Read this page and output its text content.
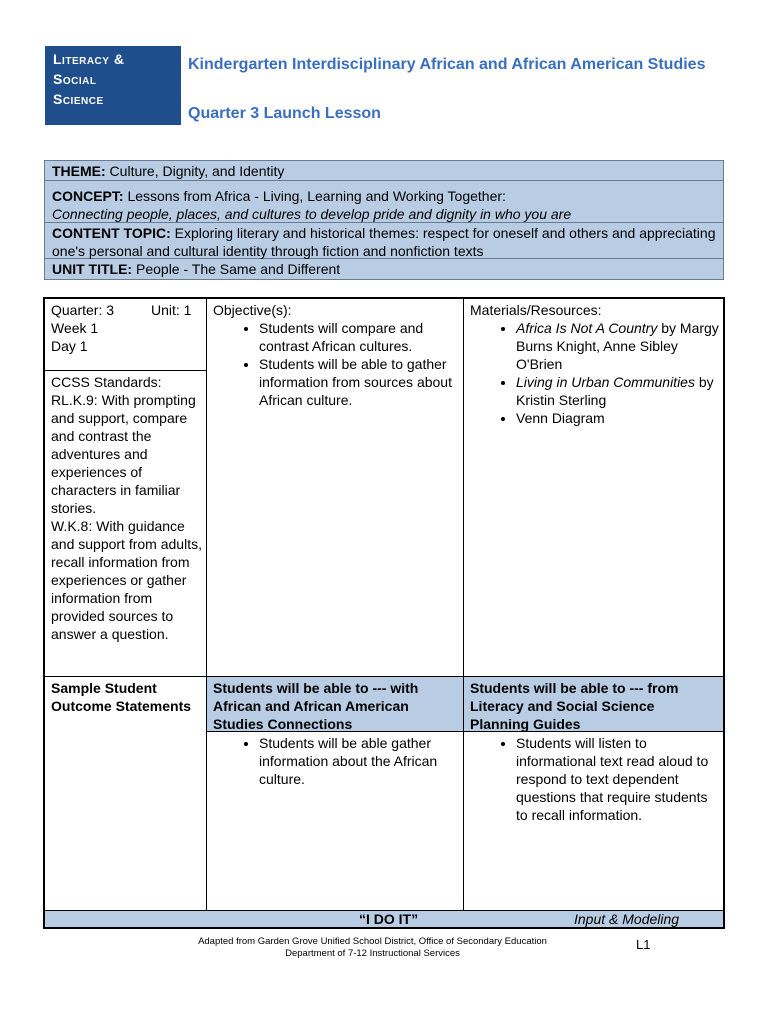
Literacy &
Social
Science
Kindergarten Interdisciplinary African and African American Studies
Quarter 3 Launch Lesson
THEME: Culture, Dignity, and Identity
CONCEPT: Lessons from Africa - Living, Learning and Working Together:
Connecting people, places, and cultures to develop pride and dignity in who you are
CONTENT TOPIC: Exploring literary and historical themes: respect for oneself and others and appreciating one's personal and cultural identity through fiction and nonfiction texts
UNIT TITLE: People - The Same and Different
Quarter: 3	Unit: 1
Week 1
Day 1
CCSS Standards:
RL.K.9: With prompting and support, compare and contrast the adventures and experiences of characters in familiar stories.
W.K.8: With guidance and support from adults, recall information from experiences or gather information from provided sources to answer a question.
Objective(s):
• Students will compare and contrast African cultures.
• Students will be able to gather information from sources about African culture.
Materials/Resources:
• Africa Is Not A Country by Margy Burns Knight, Anne Sibley O'Brien
• Living in Urban Communities by Kristin Sterling
• Venn Diagram
Sample Student Outcome Statements
Students will be able to --- with African and African American Studies Connections
Students will be able to --- from Literacy and Social Science Planning Guides
• Students will be able gather information about the African culture.
• Students will listen to informational text read aloud to respond to text dependent questions that require students to recall information.
“I DO IT”	Input & Modeling
Adapted from Garden Grove Unified School District, Office of Secondary Education
Department of 7-12 Instructional Services
L1
